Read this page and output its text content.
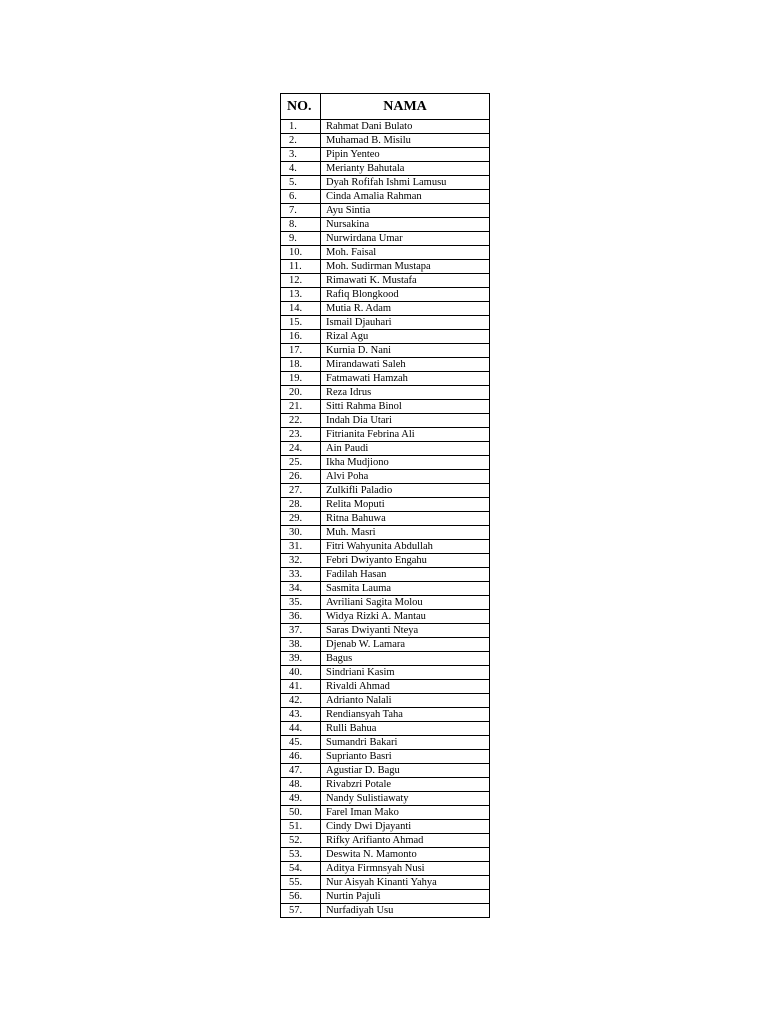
NO.	NAMA
1.	Rahmat Dani Bulato
2.	Muhamad B. Misilu
3.	Pipin Yenteo
4.	Merianty Bahutala
5.	Dyah Rofifah Ishmi Lamusu
6.	Cinda Amalia Rahman
7.	Ayu Sintia
8.	Nursakina
9.	Nurwirdana Umar
10.	Moh. Faisal
11.	Moh. Sudirman Mustapa
12.	Rimawati K. Mustafa
13.	Rafiq Blongkood
14.	Mutia R. Adam
15.	Ismail Djauhari
16.	Rizal Agu
17.	Kurnia D. Nani
18.	Mirandawati Saleh
19.	Fatmawati Hamzah
20.	Reza Idrus
21.	Sitti Rahma Binol
22.	Indah Dia Utari
23.	Fitrianita Febrina Ali
24.	Ain Paudi
25.	Ikha Mudjiono
26.	Alvi Poha
27.	Zulkifli Paladio
28.	Relita Moputi
29.	Ritna Bahuwa
30.	Muh. Masri
31.	Fitri Wahyunita Abdullah
32.	Febri Dwiyanto Engahu
33.	Fadilah Hasan
34.	Sasmita Lauma
35.	Avriliani Sagita Molou
36.	Widya Rizki A. Mantau
37.	Saras Dwiyanti Nteya
38.	Djenab W. Lamara
39.	Bagus
40.	Sindriani Kasim
41.	Rivaldi Ahmad
42.	Adrianto Nalali
43.	Rendiansyah Taha
44.	Rulli Bahua
45.	Sumandri Bakari
46.	Suprianto Basri
47.	Agustiar D. Bagu
48.	Rivabzri Potale
49.	Nandy Sulistiawaty
50.	Farel Iman Mako
51.	Cindy Dwi Djayanti
52.	Rifky Arifianto Ahmad
53.	Deswita N. Mamonto
54.	Aditya Firmnsyah Nusi
55.	Nur Aisyah Kinanti Yahya
56.	Nurtin Pajuli
57.	Nurfadiyah Usu
